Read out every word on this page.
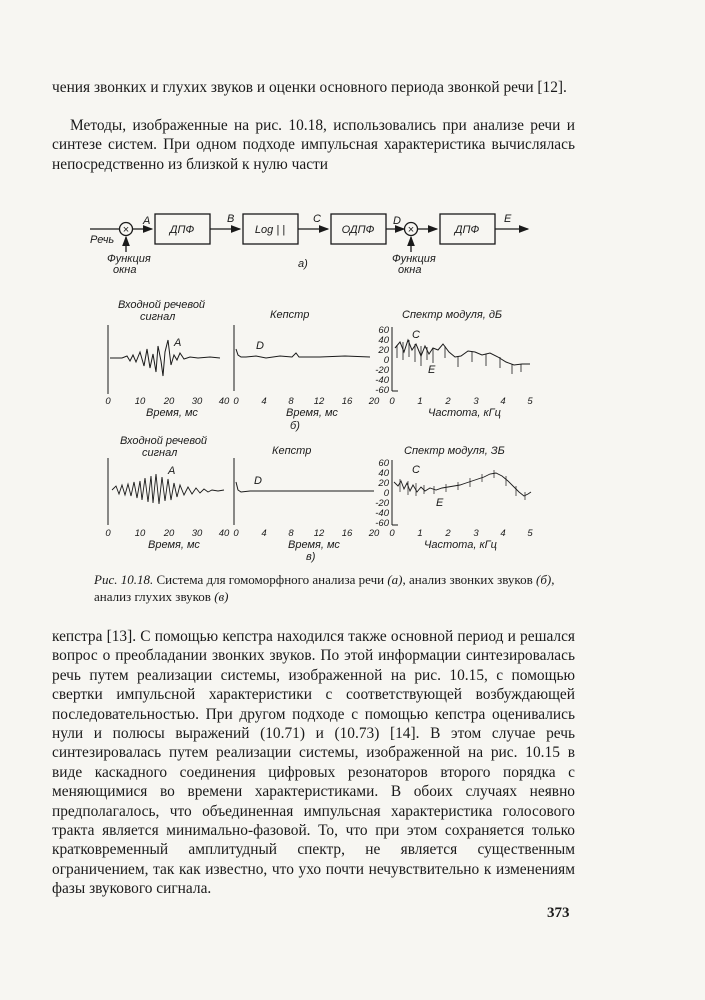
чения звонких и глухих звуков и оценки основного периода звонкой речи [12].

Методы, изображенные на рис. 10.18, использовались при анализе речи и синтезе систем. При одном подходе импульсная характеристика вычислялась непосредственно из близкой к нулю части

×	×
Речь
Функция
окна
Функция
окна
ДПФ	Log | |	ОДПФ	ДПФ
A	B	C	D	E
а)
Входной речевой
сигнал	Кепстр	Спектр модуля, дБ
A	D
C
E
60
40
20
0
-20
-40
-60
0	10 20 30 40
Время, мс
0 4 8 12 16 20
Время, мс
б)
0 1 2 3 4 5
Частота, кГц
Входной речевой
сигнал	Кепстр	Спектр модуля, ЗБ
A
D
C
E
60
40
20
0
-20
-40
-60
0	10 20 30 40
Время, мс
0 4 8 12 16 20
Время, мс
в)
0 1 2 3 4 5
Частота, кГц

Рис. 10.18. Система для гомоморфного анализа речи (а), анализ звонких звуков (б), анализ глухих звуков (в)

кепстра [13]. С помощью кепстра находился также основной период и решался вопрос о преобладании звонких звуков. По этой информации синтезировалась речь путем реализации системы, изображенной на рис. 10.15, с помощью свертки импульсной характеристики с соответствующей возбуждающей последовательностью. При другом подходе с помощью кепстра оценивались нули и полюсы выражений (10.71) и (10.73) [14]. В этом случае речь синтезировалась путем реализации системы, изображенной на рис. 10.15 в виде каскадного соединения цифровых резонаторов второго порядка с меняющимися во времени характеристиками. В обоих случаях неявно предполагалось, что объединенная импульсная характеристика голосового тракта является минимально-фазовой. То, что при этом сохраняется только кратковременный амплитудный спектр, не является существенным ограничением, так как известно, что ухо почти нечувствительно к изменениям фазы звукового сигнала.

373
